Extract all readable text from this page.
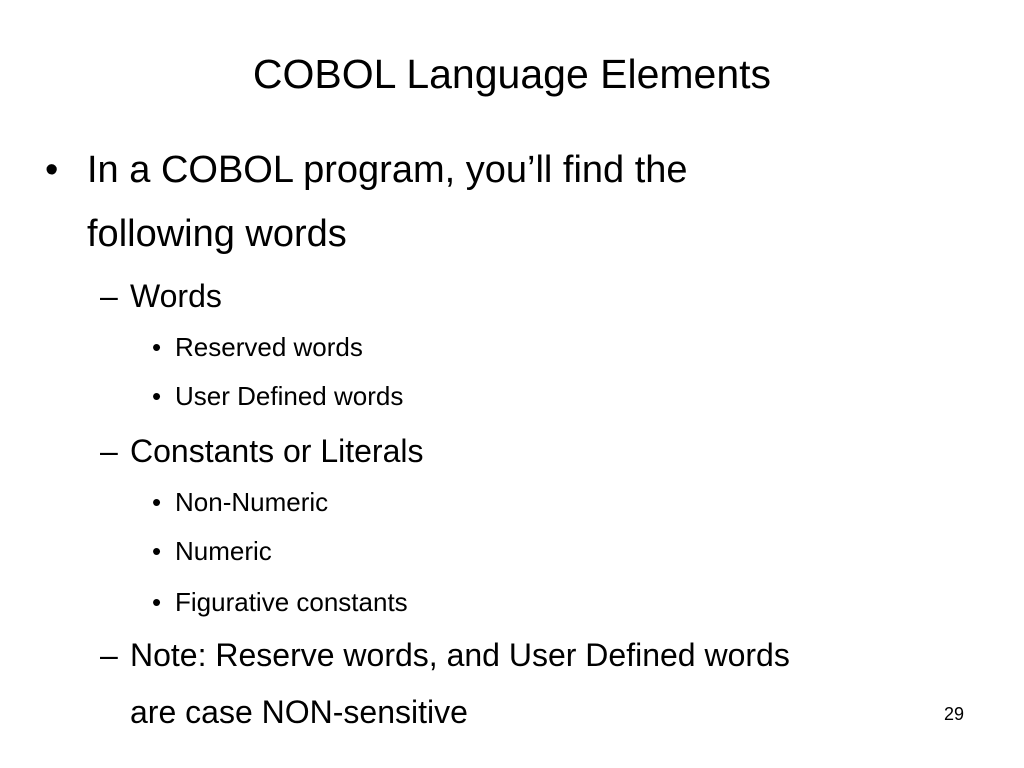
COBOL Language Elements
• In a COBOL program, you’ll find the
following words
– Words
• Reserved words
• User Defined words
– Constants or Literals
• Non-Numeric
• Numeric
• Figurative constants
– Note: Reserve words, and User Defined words
are case NON-sensitive	29
